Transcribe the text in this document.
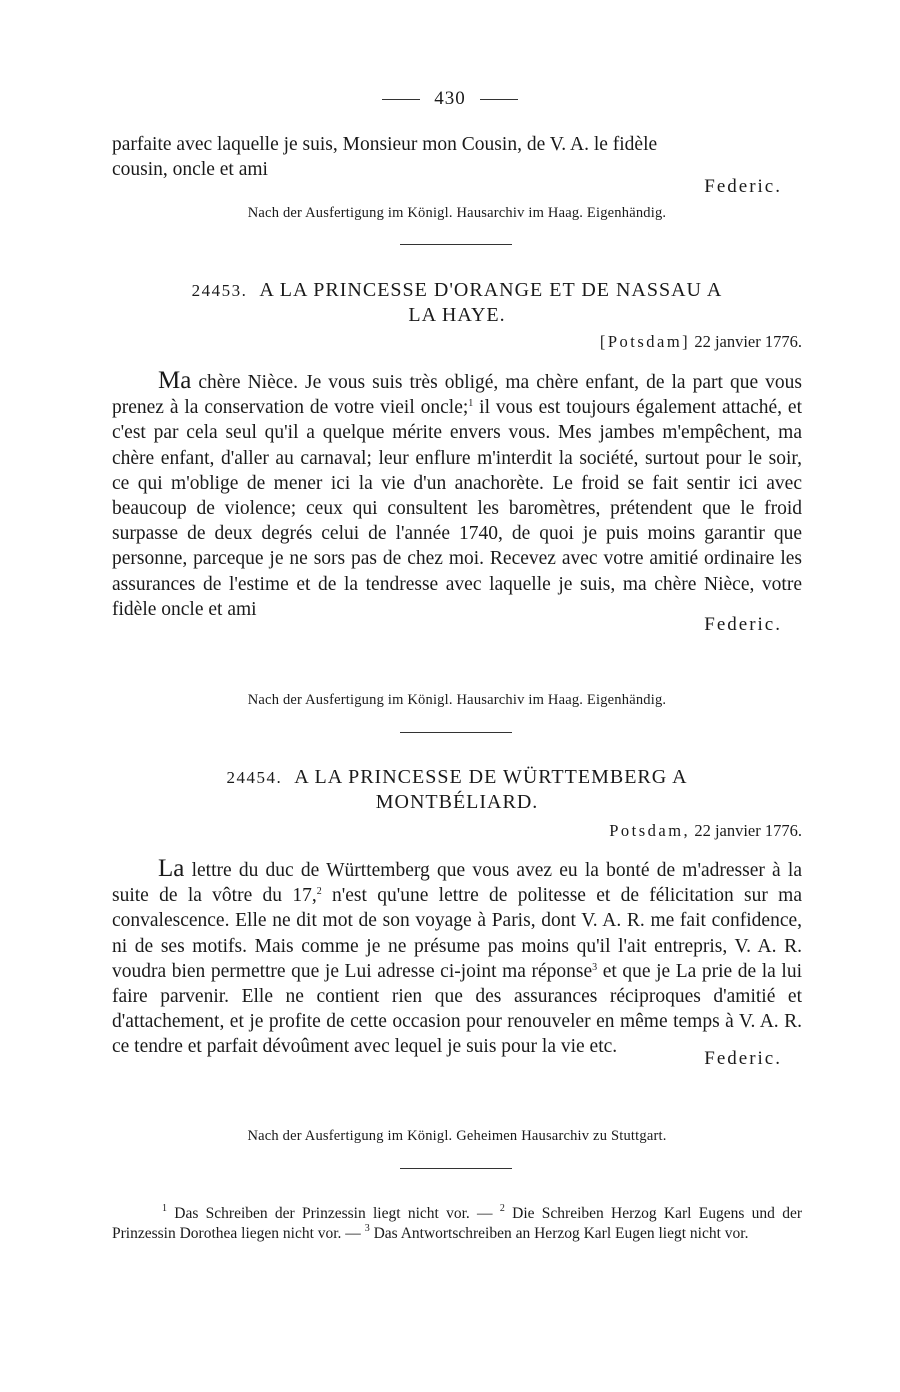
430
parfaite avec laquelle je suis, Monsieur mon Cousin, de V. A. le fidèle
cousin, oncle et ami
Federic.
Nach der Ausfertigung im Königl. Hausarchiv im Haag. Eigenhändig.
24453. A LA PRINCESSE D'ORANGE ET DE NASSAU A
LA HAYE.
[Potsdam] 22 janvier 1776.

Ma chère Nièce. Je vous suis très obligé, ma chère enfant, de la part que vous prenez à la conservation de votre vieil oncle;$^1$ il vous est toujours également attaché, et c'est par cela seul qu'il a quelque mérite envers vous. Mes jambes m'empêchent, ma chère enfant, d'aller au carnaval; leur enflure m'interdit la société, surtout pour le soir, ce qui m'oblige de mener ici la vie d'un anachorète. Le froid se fait sentir ici avec beaucoup de violence; ceux qui consultent les baromètres, prétendent que le froid surpasse de deux degrés celui de l'année 1740, de quoi je puis moins garantir que personne, parceque je ne sors pas de chez moi. Recevez avec votre amitié ordinaire les assurances de l'estime et de la tendresse avec laquelle je suis, ma chère Nièce, votre fidèle oncle et ami

Federic.
Nach der Ausfertigung im Königl. Hausarchiv im Haag. Eigenhändig.
24454. A LA PRINCESSE DE WÜRTTEMBERG A
MONTBÉLIARD.
Potsdam, 22 janvier 1776.

La lettre du duc de Württemberg que vous avez eu la bonté de m'adresser à la suite de la vôtre du 17,$^2$ n'est qu'une lettre de politesse et de félicitation sur ma convalescence. Elle ne dit mot de son voyage à Paris, dont V. A. R. me fait confidence, ni de ses motifs. Mais comme je ne présume pas moins qu'il l'ait entrepris, V. A. R. voudra bien permettre que je Lui adresse ci-joint ma réponse$^3$ et que je La prie de la lui faire parvenir. Elle ne contient rien que des assurances réciproques d'amitié et d'attachement, et je profite de cette occasion pour renouveler en même temps à V. A. R. ce tendre et parfait dévoûment avec lequel je suis pour la vie etc.

Federic.
Nach der Ausfertigung im Königl. Geheimen Hausarchiv zu Stuttgart.

$^1$ Das Schreiben der Prinzessin liegt nicht vor. — $^2$ Die Schreiben Herzog Karl Eugens und der Prinzessin Dorothea liegen nicht vor. — $^3$ Das Antwortschreiben an Herzog Karl Eugen liegt nicht vor.
